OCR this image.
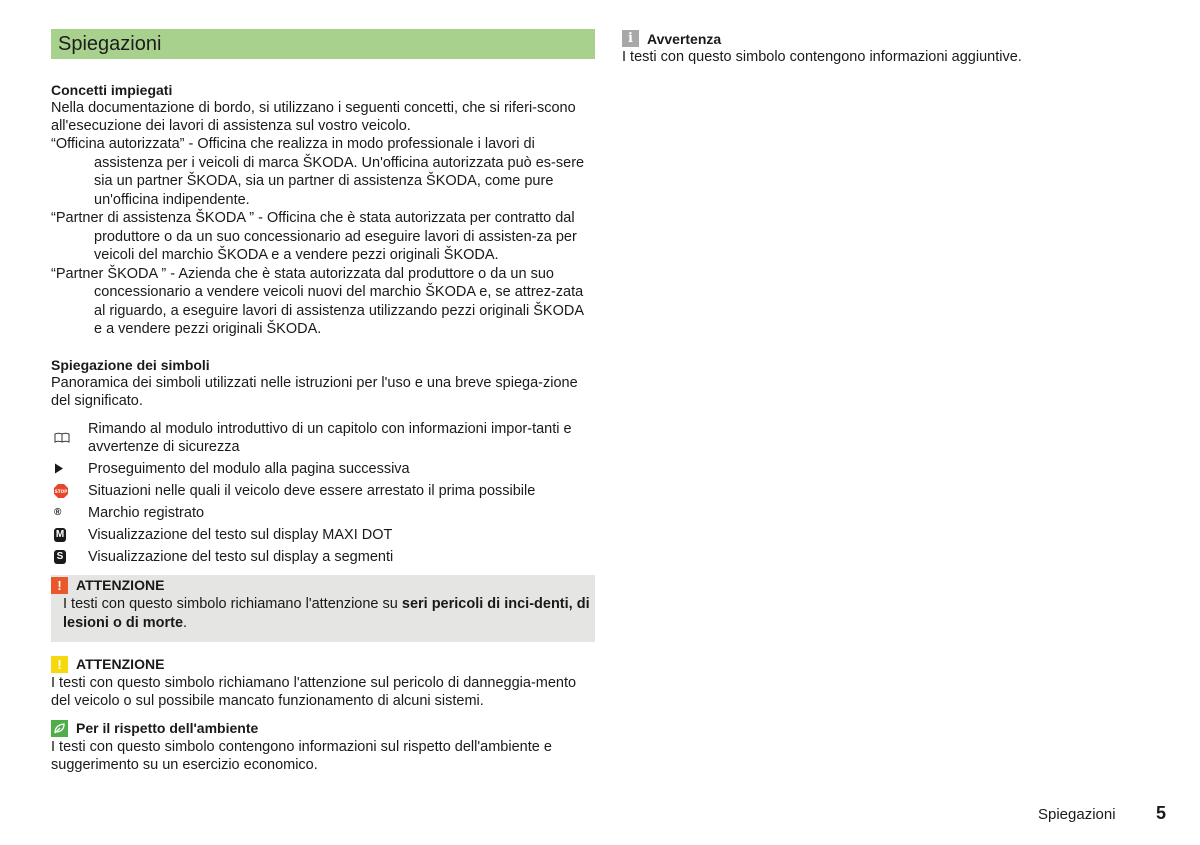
Spiegazioni
Concetti impiegati
Nella documentazione di bordo, si utilizzano i seguenti concetti, che si riferi-scono all'esecuzione dei lavori di assistenza sul vostro veicolo.
“Officina autorizzata” - Officina che realizza in modo professionale i lavori di assistenza per i veicoli di marca ŠKODA. Un'officina autorizzata può es-sere sia un partner ŠKODA, sia un partner di assistenza ŠKODA, come pure un'officina indipendente.
“Partner di assistenza ŠKODA ” - Officina che è stata autorizzata per contratto dal produttore o da un suo concessionario ad eseguire lavori di assisten-za per veicoli del marchio ŠKODA e a vendere pezzi originali ŠKODA.
“Partner ŠKODA ” - Azienda che è stata autorizzata dal produttore o da un suo concessionario a vendere veicoli nuovi del marchio ŠKODA e, se attrez-zata al riguardo, a eseguire lavori di assistenza utilizzando pezzi originali ŠKODA e a vendere pezzi originali ŠKODA.
Spiegazione dei simboli
Panoramica dei simboli utilizzati nelle istruzioni per l'uso e una breve spiega-zione del significato.
Rimando al modulo introduttivo di un capitolo con informazioni impor-tanti e avvertenze di sicurezza
Proseguimento del modulo alla pagina successiva
STOP Situazioni nelle quali il veicolo deve essere arrestato il prima possibile
® Marchio registrato
M Visualizzazione del testo sul display MAXI DOT
S Visualizzazione del testo sul display a segmenti
!	ATTENZIONE
I testi con questo simbolo richiamano l'attenzione su seri pericoli di inci-denti, di lesioni o di morte.
!	ATTENZIONE
I testi con questo simbolo richiamano l'attenzione sul pericolo di danneggia-mento del veicolo o sul possibile mancato funzionamento di alcuni sistemi.
Per il rispetto dell'ambiente
I testi con questo simbolo contengono informazioni sul rispetto dell'ambiente e suggerimento su un esercizio economico.
i	Avvertenza
I testi con questo simbolo contengono informazioni aggiuntive.
Spiegazioni 5
